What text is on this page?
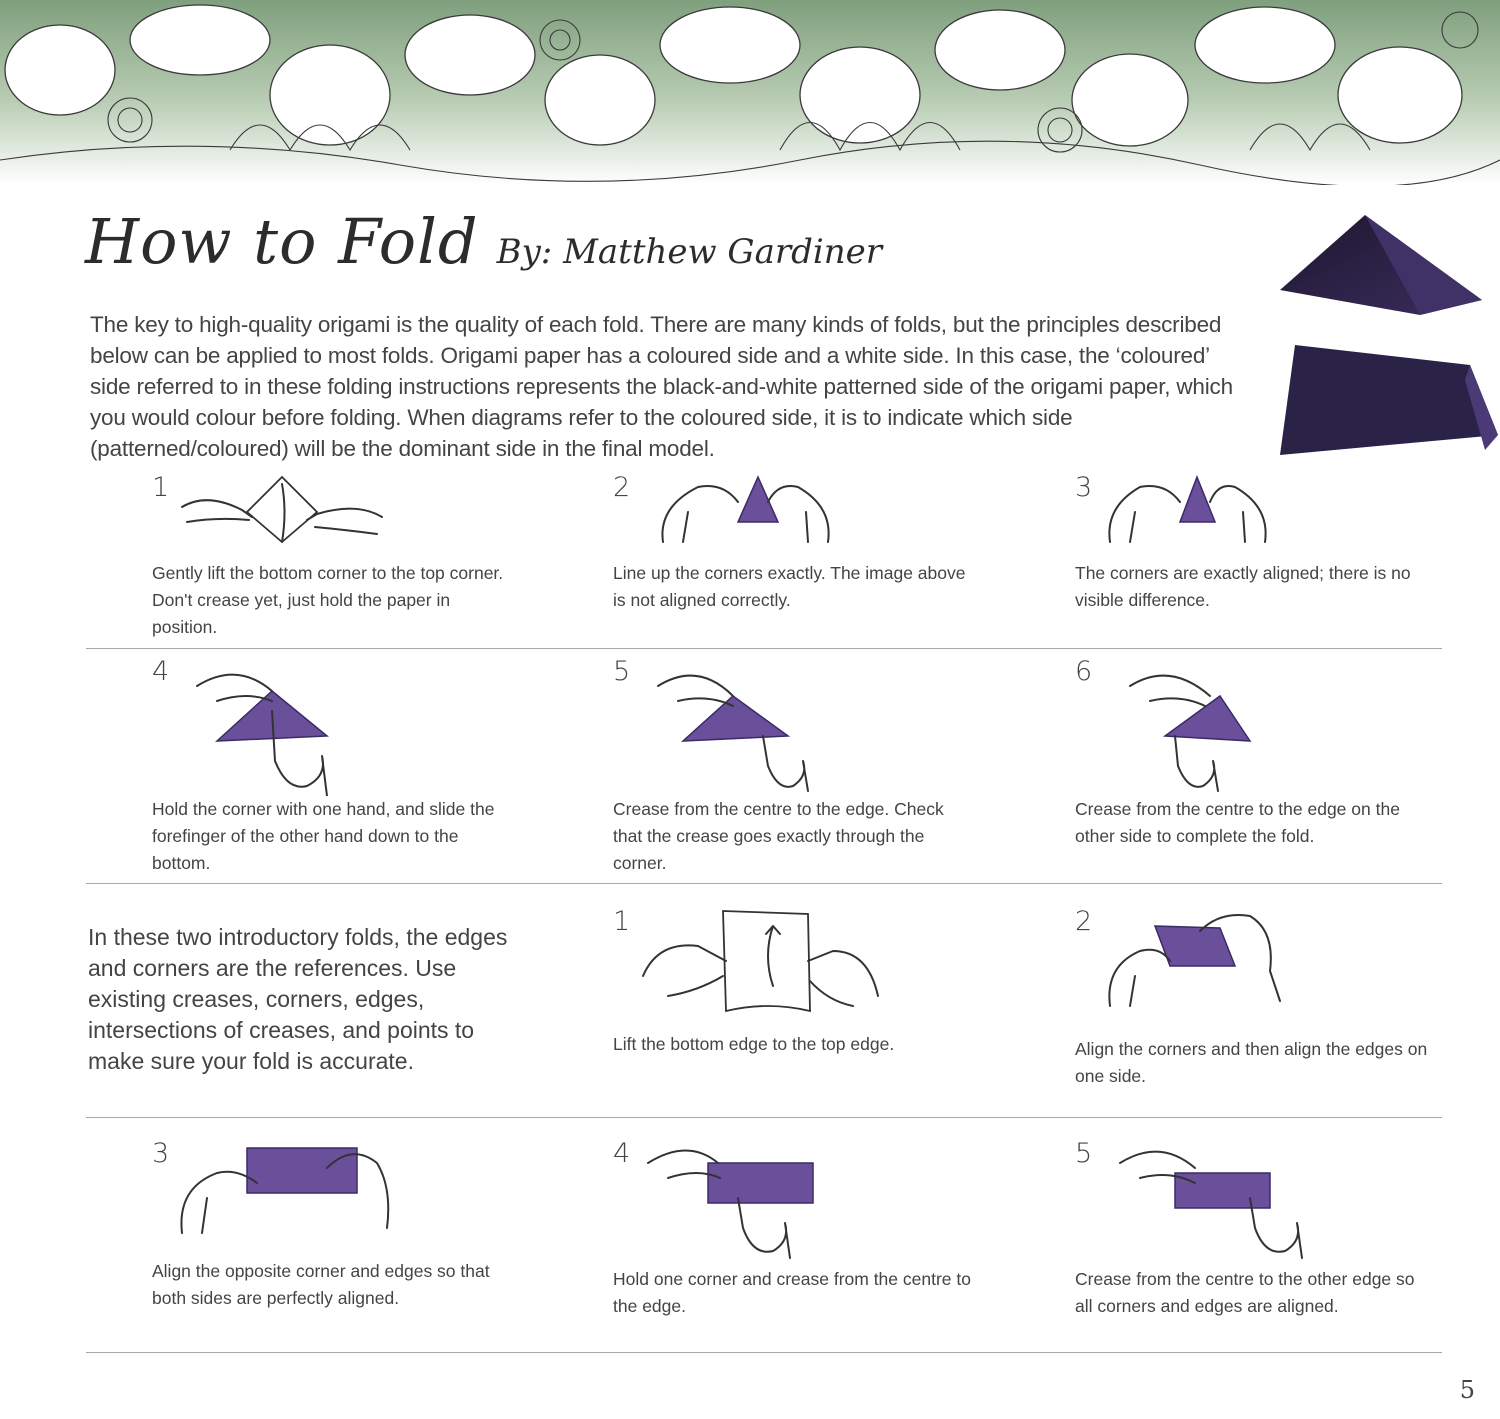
How to Fold By: Matthew Gardiner

The key to high-quality origami is the quality of each fold. There are many kinds of folds, but the principles described below can be applied to most folds. Origami paper has a coloured side and a white side. In this case, the ‘coloured’ side referred to in these folding instructions represents the black-and-white patterned side of the origami paper, which you would colour before folding. When diagrams refer to the coloured side, it is to indicate which side (patterned/coloured) will be the dominant side in the final model.

1

Gently lift the bottom corner to the top corner. Don't crease yet, just hold the paper in position.

2

Line up the corners exactly. The image above is not aligned correctly.

3

The corners are exactly aligned; there is no visible difference.

4

Hold the corner with one hand, and slide the forefinger of the other hand down to the bottom.

5

Crease from the centre to the edge. Check that the crease goes exactly through the corner.

6

Crease from the centre to the edge on the other side to complete the fold.

In these two introductory folds, the edges and corners are the references. Use existing creases, corners, edges, intersections of creases, and points to make sure your fold is accurate.

1

Lift the bottom edge to the top edge.

2

Align the corners and then align the edges on one side.

3

Align the opposite corner and edges so that both sides are perfectly aligned.

4

Hold one corner and crease from the centre to the edge.

5

Crease from the centre to the other edge so all corners and edges are aligned.

5
